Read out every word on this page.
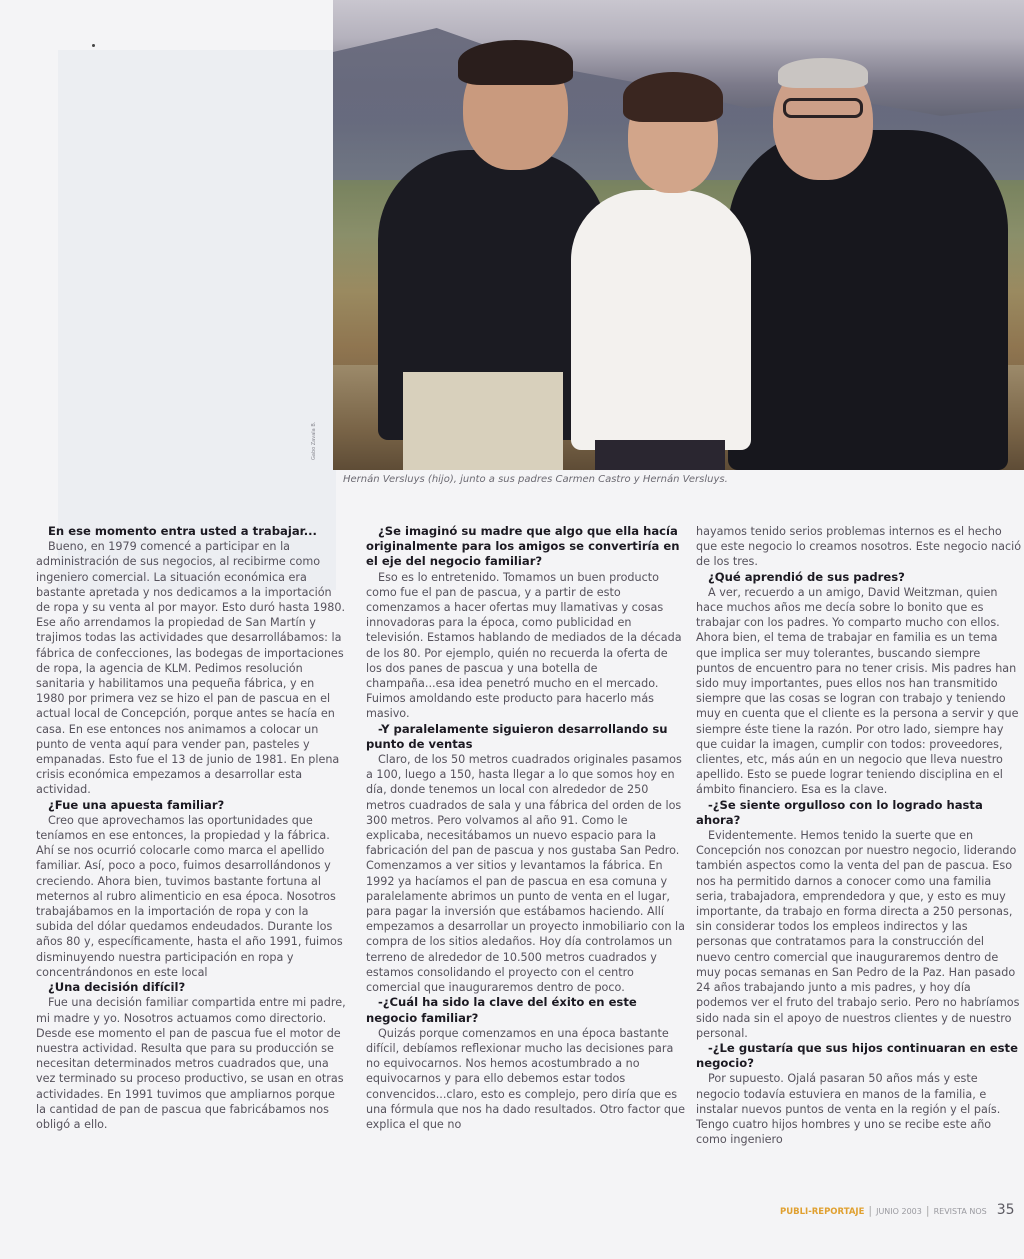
Gabo Zavala B.
Hernán Versluys (hijo), junto a sus padres Carmen Castro y Hernán Versluys.
En ese momento entra usted a trabajar...

Bueno, en 1979 comencé a participar en la administración de sus negocios, al recibirme como ingeniero comercial. La situación económica era bastante apretada y nos dedicamos a la importación de ropa y su venta al por mayor. Esto duró hasta 1980. Ese año arrendamos la propiedad de San Martín y trajimos todas las actividades que desarrollábamos: la fábrica de confecciones, las bodegas de importaciones de ropa, la agencia de KLM. Pedimos resolución sanitaria y habilitamos una pequeña fábrica, y en 1980 por primera vez se hizo el pan de pascua en el actual local de Concepción, porque antes se hacía en casa. En ese entonces nos animamos a colocar un punto de venta aquí para vender pan, pasteles y empanadas. Esto fue el 13 de junio de 1981. En plena crisis económica empezamos a desarrollar esta actividad.

¿Fue una apuesta familiar?

Creo que aprovechamos las oportunidades que teníamos en ese entonces, la propiedad y la fábrica. Ahí se nos ocurrió colocarle como marca el apellido familiar. Así, poco a poco, fuimos desarrollándonos y creciendo. Ahora bien, tuvimos bastante fortuna al meternos al rubro alimenticio en esa época. Nosotros trabajábamos en la importación de ropa y con la subida del dólar quedamos endeudados. Durante los años 80 y, específicamente, hasta el año 1991, fuimos disminuyendo nuestra participación en ropa y concentrándonos en este local

¿Una decisión difícil?

Fue una decisión familiar compartida entre mi padre, mi madre y yo. Nosotros actuamos como directorio. Desde ese momento el pan de pascua fue el motor de nuestra actividad. Resulta que para su producción se necesitan determinados metros cuadrados que, una vez terminado su proceso productivo, se usan en otras actividades. En 1991 tuvimos que ampliarnos porque la cantidad de pan de pascua que fabricábamos nos obligó a ello.

¿Se imaginó su madre que algo que ella hacía originalmente para los amigos se convertiría en el eje del negocio familiar?

Eso es lo entretenido. Tomamos un buen producto como fue el pan de pascua, y a partir de esto comenzamos a hacer ofertas muy llamativas y cosas innovadoras para la época, como publicidad en televisión. Estamos hablando de mediados de la década de los 80. Por ejemplo, quién no recuerda la oferta de los dos panes de pascua y una botella de champaña...esa idea penetró mucho en el mercado. Fuimos amoldando este producto para hacerlo más masivo.

-Y paralelamente siguieron desarrollando su punto de ventas

Claro, de los 50 metros cuadrados originales pasamos a 100, luego a 150, hasta llegar a lo que somos hoy en día, donde tenemos un local con alrededor de 250 metros cuadrados de sala y una fábrica del orden de los 300 metros. Pero volvamos al año 91. Como le explicaba, necesitábamos un nuevo espacio para la fabricación del pan de pascua y nos gustaba San Pedro. Comenzamos a ver sitios y levantamos la fábrica. En 1992 ya hacíamos el pan de pascua en esa comuna y paralelamente abrimos un punto de venta en el lugar, para pagar la inversión que estábamos haciendo. Allí empezamos a desarrollar un proyecto inmobiliario con la compra de los sitios aledaños. Hoy día controlamos un terreno de alrededor de 10.500 metros cuadrados y estamos consolidando el proyecto con el centro comercial que inauguraremos dentro de poco.

-¿Cuál ha sido la clave del éxito en este negocio familiar?

Quizás porque comenzamos en una época bastante difícil, debíamos reflexionar mucho las decisiones para no equivocarnos. Nos hemos acostumbrado a no equivocarnos y para ello debemos estar todos convencidos...claro, esto es complejo, pero diría que es una fórmula que nos ha dado resultados. Otro factor que explica el que no

hayamos tenido serios problemas internos es el hecho que este negocio lo creamos nosotros. Este negocio nació de los tres.

¿Qué aprendió de sus padres?

A ver, recuerdo a un amigo, David Weitzman, quien hace muchos años me decía sobre lo bonito que es trabajar con los padres. Yo comparto mucho con ellos. Ahora bien, el tema de trabajar en familia es un tema que implica ser muy tolerantes, buscando siempre puntos de encuentro para no tener crisis. Mis padres han sido muy importantes, pues ellos nos han transmitido siempre que las cosas se logran con trabajo y teniendo muy en cuenta que el cliente es la persona a servir y que siempre éste tiene la razón. Por otro lado, siempre hay que cuidar la imagen, cumplir con todos: proveedores, clientes, etc, más aún en un negocio que lleva nuestro apellido. Esto se puede lograr teniendo disciplina en el ámbito financiero. Esa es la clave.

-¿Se siente orgulloso con lo logrado hasta ahora?

Evidentemente. Hemos tenido la suerte que en Concepción nos conozcan por nuestro negocio, liderando también aspectos como la venta del pan de pascua. Eso nos ha permitido darnos a conocer como una familia seria, trabajadora, emprendedora y que, y esto es muy importante, da trabajo en forma directa a 250 personas, sin considerar todos los empleos indirectos y las personas que contratamos para la construcción del nuevo centro comercial que inauguraremos dentro de muy pocas semanas en San Pedro de la Paz. Han pasado 24 años trabajando junto a mis padres, y hoy día podemos ver el fruto del trabajo serio. Pero no habríamos sido nada sin el apoyo de nuestros clientes y de nuestro personal.

-¿Le gustaría que sus hijos continuaran en este negocio?

Por supuesto. Ojalá pasaran 50 años más y este negocio todavía estuviera en manos de la familia, e instalar nuevos puntos de venta en la región y el país. Tengo cuatro hijos hombres y uno se recibe este año como ingeniero

PUBLI-REPORTAJE | JUNIO 2003 | REVISTA NOS 35
